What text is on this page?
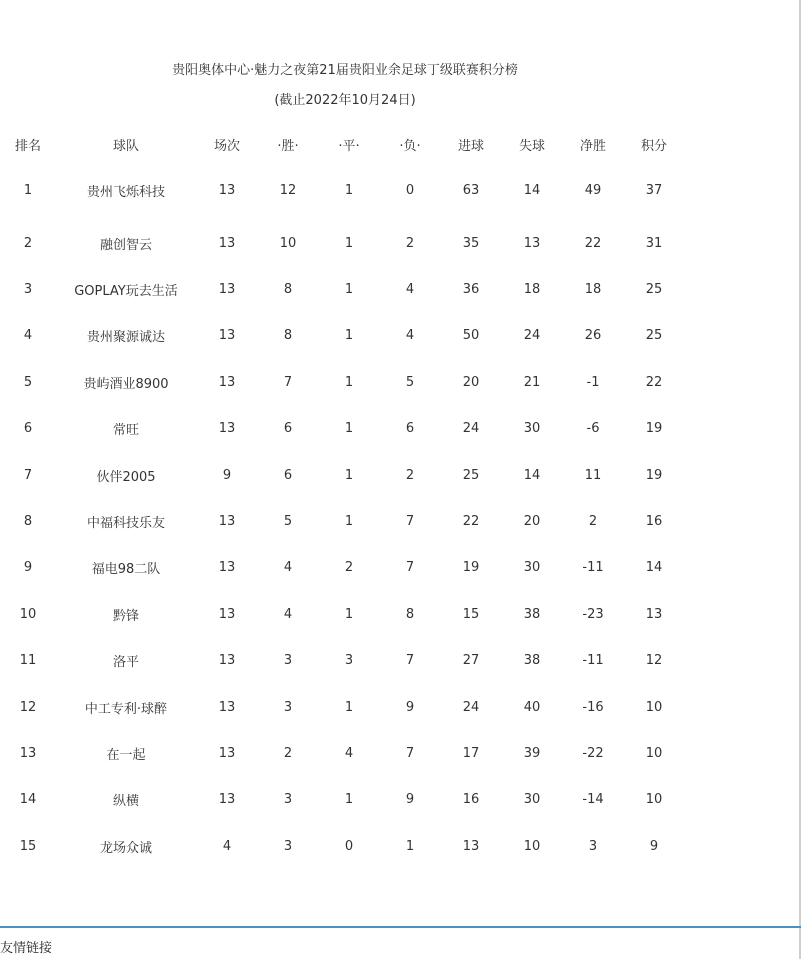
贵阳奥体中心·魅力之夜第21届贵阳业余足球丁级联赛积分榜
(截止2022年10月24日)
排名	球队	场次	·胜·	·平·	·负·	进球	失球	净胜	积分
1	贵州飞烁科技	13	12	1	0	63	14	49	37
2	融创智云	13	10	1	2	35	13	22	31
3	GOPLAY玩去生活	13	8	1	4	36	18	18	25
4	贵州聚源诚达	13	8	1	4	50	24	26	25
5	贵屿酒业8900	13	7	1	5	20	21	-1	22
6	常旺	13	6	1	6	24	30	-6	19
7	伙伴2005	9	6	1	2	25	14	11	19
8	中福科技乐友	13	5	1	7	22	20	2	16
9	福电98二队	13	4	2	7	19	30	-11	14
10	黔锋	13	4	1	8	15	38	-23	13
11	洛平	13	3	3	7	27	38	-11	12
12	中工专利·球醉	13	3	1	9	24	40	-16	10
13	在一起	13	2	4	7	17	39	-22	10
14	纵横	13	3	1	9	16	30	-14	10
15	龙场众诚	4	3	0	1	13	10	3	9
友情链接
